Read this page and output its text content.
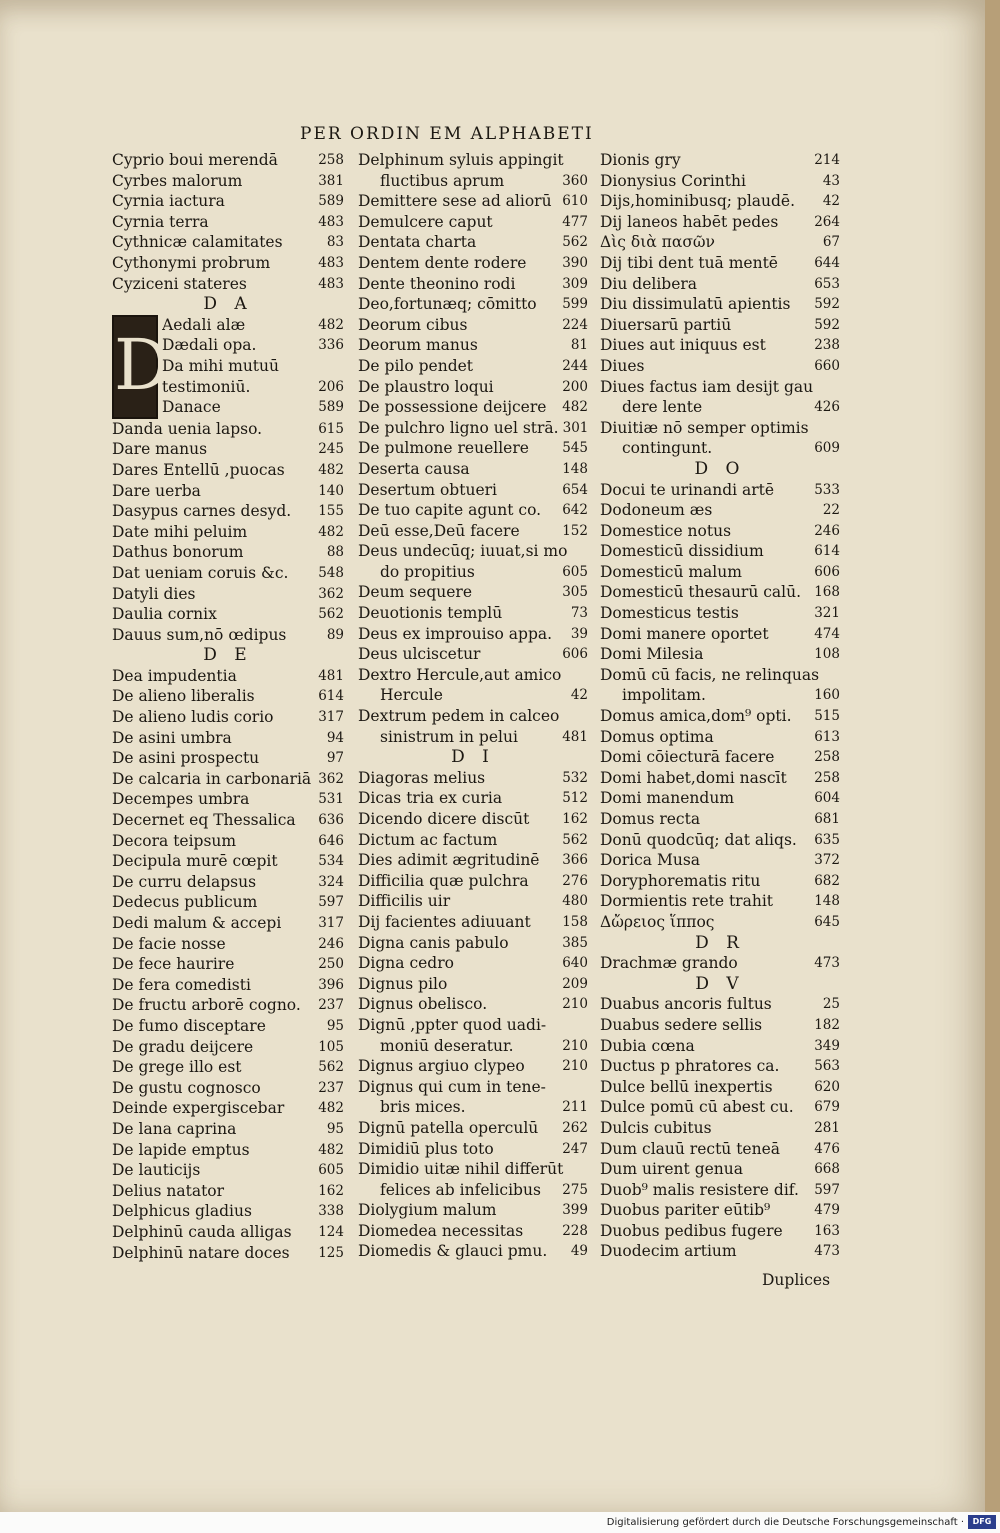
PER ORDIN EM ALPHABETI
Cyprio boui merendā	258
Cyrbes malorum	381
Cyrnia iactura	589
Cyrnia terra	483
Cythnicæ calamitates	83
Cythonymi probrum	483
Cyziceni stateres	483
D A
D
Aedali alæ	482
Dædali opa.	336
Da mihi mutuū
testimoniū.	206
Danace	589
Danda uenia lapso.	615
Dare manus	245
Dares Entellū ,puocas 482
Dare uerba	140
Dasypus carnes desyd. 155
Date mihi peluim	482
Dathus bonorum	88
Dat ueniam coruis &c. 548
Datyli dies	362
Daulia cornix	562
Dauus sum,nō œdipus	89
D E
Dea impudentia	481
De alieno liberalis	614
De alieno ludis corio	317
De asini umbra	94
De asini prospectu	97
De calcaria in carbonariā 362
Decempes umbra	531
Decernet eq Thessalica 636
Decora teipsum	646
Decipula murē cœpit	534
De curru delapsus	324
Dedecus publicum	597
Dedi malum & accepi	317
De facie nosse	246
De fece haurire	250
De fera comedisti	396
De fructu arborē cogno. 237
De fumo disceptare	95
De gradu deijcere	105
De grege illo est	562
De gustu cognosco	237
Deinde expergiscebar	482
De lana caprina	95
De lapide emptus	482
De lauticijs	605
Delius natator	162
Delphicus gladius	338
Delphinū cauda alligas 124
Delphinū natare doces 125
Delphinum syluis appingit
fluctibus aprum	360
Demittere sese ad aliorū 610
Demulcere caput	477
Dentata charta	562
Dentem dente rodere	390
Dente theonino rodi	309
Deo,fortunæq; cōmitto 599
Deorum cibus	224
Deorum manus	81
De pilo pendet	244
De plaustro loqui	200
De possessione deijcere 482
De pulchro ligno uel strā. 301
De pulmone reuellere 545
Deserta causa	148
Desertum obtueri	654
De tuo capite agunt co. 642
Deū esse,Deū facere	152
Deus undecūq; iuuat,si mo
do propitius	605
Deum sequere	305
Deuotionis templū	73
Deus ex improuiso appa. 39
Deus ulciscetur	606
Dextro Hercule,aut amico
Hercule	42
Dextrum pedem in calceo
sinistrum in pelui	481
D I
Diagoras melius	532
Dicas tria ex curia	512
Dicendo dicere discūt 162
Dictum ac factum	562
Dies adimit ægritudinē 366
Difficilia quæ pulchra 276
Difficilis uir	480
Dij facientes adiuuant 158
Digna canis pabulo	385
Digna cedro	640
Dignus pilo	209
Dignus obelisco.	210
Dignū ,ppter quod uadi-
moniū deseratur.	210
Dignus argiuo clypeo	210
Dignus qui cum in tene-
bris mices.	211
Dignū patella operculū 262
Dimidiū plus toto	247
Dimidio uitæ nihil differūt
felices ab infelicibus 275
Diolygium malum	399
Diomedea necessitas	228
Diomedis & glauci pmu. 49
Dionis gry	214
Dionysius Corinthi	43
Dijs,hominibusq; plaudē. 42
Dij laneos habēt pedes	264
Δὶς διὰ πασῶν	67
Dij tibi dent tuā mentē	644
Diu delibera	653
Diu dissimulatū apientis 592
Diuersarū partiū	592
Diues aut iniquus est	238
Diues	660
Diues factus iam desijt gau
dere lente	426
Diuitiæ nō semper optimis
contingunt.	609
D O
Docui te urinandi artē	533
Dodoneum æs	22
Domestice notus	246
Domesticū dissidium	614
Domesticū malum	606
Domesticū thesaurū calū. 168
Domesticus testis	321
Domi manere oportet	474
Domi Milesia	108
Domū cū facis, ne relinquas
impolitam.	160
Domus amica,dom⁹ opti. 515
Domus optima	613
Domi cōiecturā facere	258
Domi habet,domi nascīt 258
Domi manendum	604
Domus recta	681
Donū quodcūq; dat aliqs. 635
Dorica Musa	372
Doryphorematis ritu	682
Dormientis rete trahit	148
Δὤρειος ἵππος	645
D R
Drachmæ grando	473
D V
Duabus ancoris fultus	25
Duabus sedere sellis	182
Dubia cœna	349
Ductus p phratores ca.	563
Dulce bellū inexpertis	620
Dulce pomū cū abest cu. 679
Dulcis cubitus	281
Dum clauū rectū teneā	476
Dum uirent genua	668
Duob⁹ malis resistere dif. 597
Duobus pariter eūtib⁹	479
Duobus pedibus fugere 163
Duodecim artium	473
Duplices
Digitalisierung gefördert durch die Deutsche Forschungsgemeinschaft ·	DFG
